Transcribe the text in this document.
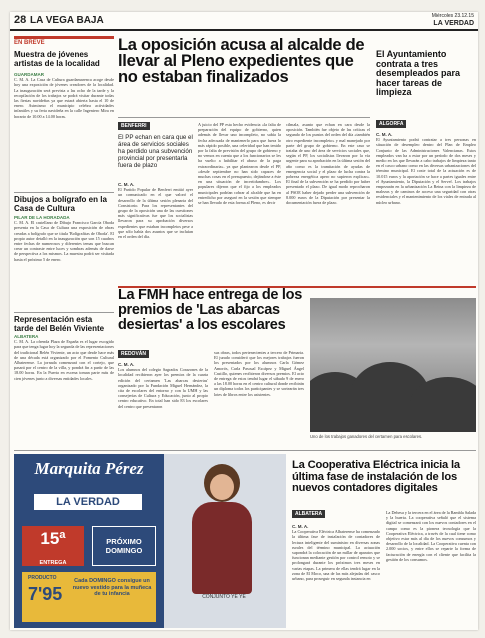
28 LA VEGA BAJA	Miércoles 23.12.15
LA VERDAD
EN BREVE
Muestra de jóvenes artistas de la localidad
GUARDAMAR
C. M. A. La Casa de Cultura guardamarenca acoge desde hoy una exposición de jóvenes creadores de la localidad. La inauguración será prevista a las ocho de la tarde y la recopilación de los trabajos se podrá visitar durante todas las fiestas navideñas ya que estará abierta hasta el 10 de enero. Asimismo el municipio celebra actividades infantiles y su feria navideña en la calle Ingeniero Mira en horario de 10.00 a 14.00 horas.
Dibujos a bolígrafo en la Casa de Cultura
PILAR DE LA HORADADA
C. M. A. El castellano de Dibujo Francisco García Oboda presenta en la Casa de Cultura una exposición de obras creadas a bolígrafo que se titula 'Bolígrafitas de Oboda'. El propio autor detalló en la inauguración que son 15 cuadros entre fechas de numerosos y diferentes temas que buscan crear un contraste entre luces y sombras además de darse de perspectiva a los mismos. La muestra podrá ser visitada hasta el próximo 5 de enero.
Representación esta tarde del Belén Viviente
ALBATERA
C. M. A. La ofrenda Plaza de España es el lugar escogido para que tenga lugar hoy la segunda de las representaciones del tradicional Belén Viviente, un acto que desde hace más de una década está organizado por el Fomento Cultural Albaterense. La jornada comenzará con el cortejo, que pasará por el centro de la villa, y pondrá fin a partir de las 18.00 horas. En la Puerta en escena toman parte más de cien jóvenes junto a diversas entidades locales.
La oposición acusa al alcalde de llevar al Pleno expedientes que no estaban finalizados
BENFERRI
El PP echan en cara que el área de servicios sociales ha perdido una subvención provincial por presentarla fuera de plazo
C. M. A.
El Partido Popular de Benferri emitió ayer un comunicado en el que valoró el desarrollo de la última sesión plenaria del Consistorio. Para los representantes del grupo de la oposición una de las cuestiones más significativas fue que los socialistas llevaron para su aprobación diversos expedientes que estaban incompletos pese a que sólo había dos asuntos que se incluían en el orden del día.
A juicio del PP esta hecho evidencia «la falta de preparación del equipo de gobierno, quien además de llevar uno incompleto, no sabía la fecha adecuada de mantenerlo para que fuera lo más rápido posible, una celeridad que han tenido por la falta de previsión del grupo de gobierno y no vemos en cuenta que a los funcionarios se les ha vuelto a habilitar el abuso de la paga extraordinaria». ya que plantearon desde el PP, «desde septiembre no han sido capaces de muchas cosas en el presupuesto, dejándose a éste en una situación de incertidumbre». Los populares dijeron que el fijo a los empleados municipales podrían cobrar al alcalde que ha en entredicho por aseguró en la sesión que siempre se han llevado de esta forma al Pleno, es decir
cilmala, asunto que echan en cara desde la oposición. También fue objeto de las críticas el segundo de los puntos del orden del día «también otro expediente incompleto» y mal manejado por parte del grupo de gobierno. En este caso se trataba de uno del área de servicios sociales que, según el PP, los socialistas llevaron por la vía urgente para su aprobación en la última sesión del año como es la tramitación de ayudas de emergencia social y el plazo de lucha contra la pobreza energética apero no supieron explicar». El final de la subvención se ha perdido por haber presentado el plazo. De igual modo reprocharon al PSOE haber dejado perder una subvención de 8.000 euros de la Diputación por presentar la documentación fuera de plazo.
El Ayuntamiento contrata a tres desempleados para hacer tareas de limpieza
ALGORFA
C. M. A.
El Ayuntamiento podrá contratar a tres personas en situación de desempleo dentro del Plan de Empleo Conjunto de las Administraciones Valencianas. Estos empleados van ha a estar por un período de dos meses y medio en los que llevarán a cabo trabajos de limpieza tanto en el casco urbano como en las diversas urbanizaciones del término municipal. El coste total de la actuación es de 10.015 euros y la aportación se hace a partes iguales entre el Ayuntamiento, la Diputación y el Servef. Los trabajos empezarán en la urbanización La Reina con la limpieza de malezas y de caminos de acceso una seguridad con otras residenciales y el mantenimiento de los viales de entrada al núcleo urbano.
La FMH hace entrega de los premios de 'Las abarcas desiertas' a los escolares
REDOVÁN
C. M. A.
Los alumnos del colegio Sagrados Corazones de la localidad recibieron ayer los premios de la cuarta edición del certamen 'Las abarcas desiertas' organizado por la Fundación Miguel Hernández, la cita de escolares del entorno y con la UMH y las consejerías de Cultura y Educación, junto al propio centro educativo. En total han sido 83 los escolares del centro que presentaron
sus obras, todos pertenecientes a tercero de Primaria. El jurado consideró que los mejores trabajos fueron los presentados por los alumnos Carla Gómez Amorós, Carla Pascual Escápez y Miguel Ángel Castillo, quienes recibieron diversos premios. El acto de entrega de estos tendrá lugar el sábado 9 de enero a las 18.00 horas en el centro cultural donde recibirán un diploma todos los participantes y se sortearán tres lotes de libros entre los asistentes.
Uno de los trabajos ganadores del certamen para escolares.
Marquita Pérez
LA VERDAD
15ª
ENTREGA
PRÓXIMO DOMINGO
PRODUCTO
7'95
Cada DOMINGO consigue un nuevo vestido para la muñeca de tu infancia	CONJUNTO YE YÉ
La Cooperativa Eléctrica inicia la última fase de instalación de los nuevos contadores digitales
ALBATERA
C. M. A.
La Cooperativa Eléctrica Albaterense ha comenzado la última fase de instalación de contadores de lectura inteligente del suministro en diversas zonas rurales del término municipal. La actuación supondrá la colocación de un millar de aparatos que funcionan mediante gestión por control remoto y se prolongará durante los próximos tres meses en varias etapas. La primera de ellas tendrá lugar en la zona de El Moco, una de las más alejadas del casco urbano, para proseguir en segunda instancia en
La Dehesa y la tercera en el área de la Rambla Salada y la huerta. La cooperativa señaló que el sistema digital se comenzará con los nuevos contadores en el campo como es la pionera tecnología que la Cooperativa Eléctrica, a través de la cual tiene como objetivo estar más al día de los nuevos consumos y desarrollo de la localidad. La Cooperativa cuenta con 2.000 socios, y entre ellos se reparte la forma de facturación de energía con el cliente que facilita la gestión de los consumos.
